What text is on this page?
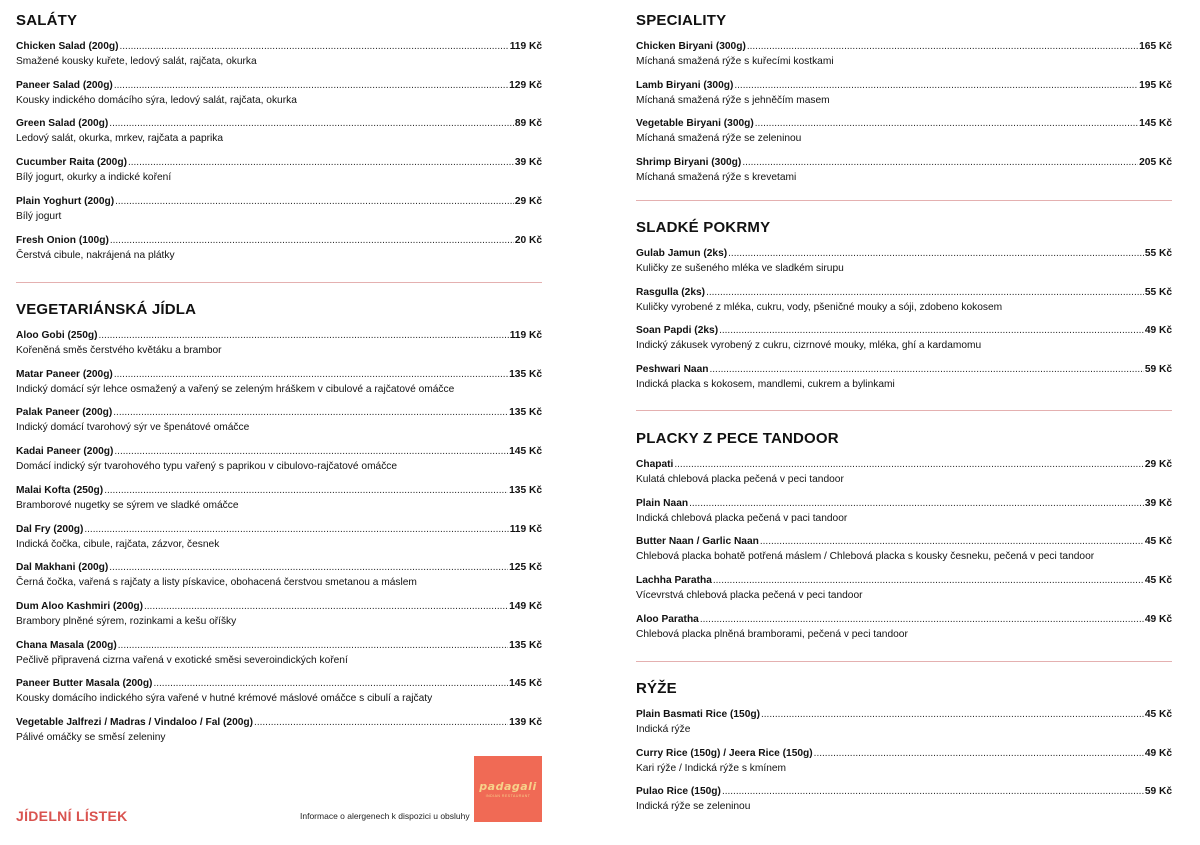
SALÁTY
Chicken Salad (200g) .....	119 Kč
Smažené kousky kuřete, ledový salát, rajčata, okurka
Paneer Salad (200g) .....	129 Kč
Kousky indického domácího sýra, ledový salát, rajčata, okurka
Green Salad (200g) .....	89 Kč
Ledový salát, okurka, mrkev, rajčata a paprika
Cucumber Raita (200g) .....	39 Kč
Bílý jogurt, okurky a indické koření
Plain Yoghurt (200g) .....	29 Kč
Bílý jogurt
Fresh Onion (100g) .....	20 Kč
Čerstvá cibule, nakrájená na plátky
VEGETARIÁNSKÁ JÍDLA
Aloo Gobi (250g) .....	119 Kč
Kořeněná směs čerstvého květáku a brambor
Matar Paneer (200g) .....	135 Kč
Indický domácí sýr lehce osmažený a vařený se zeleným hráškem v cibulové a rajčatové omáčce
Palak Paneer (200g) .....	135 Kč
Indický domácí tvarohový sýr ve špenátové omáčce
Kadai Paneer (200g) .....	145 Kč
Domácí indický sýr tvarohového typu vařený s paprikou v cibulovo-rajčatové omáčce
Malai Kofta (250g) .....	135 Kč
Bramborové nugetky se sýrem ve sladké omáčce
Dal Fry (200g) .....	119 Kč
Indická čočka, cibule, rajčata, zázvor, česnek
Dal Makhani (200g) .....	125 Kč
Černá čočka, vařená s rajčaty a listy pískavice, obohacená čerstvou smetanou a máslem
Dum Aloo Kashmiri (200g) .....	149 Kč
Brambory plněné sýrem, rozinkami a kešu oříšky
Chana Masala (200g) .....	135 Kč
Pečlivě připravená cizrna vařená v exotické směsi severoindických koření
Paneer Butter Masala (200g) .....	145 Kč
Kousky domácího indického sýra vařené v hutné krémové máslové omáčce s cibulí a rajčaty
Vegetable Jalfrezi / Madras / Vindaloo / Fal (200g) .....	139 Kč
Pálivé omáčky se směsí zeleniny
SPECIALITY
Chicken Biryani (300g) .....	165 Kč
Míchaná smažená rýže s kuřecími kostkami
Lamb Biryani (300g) .....	195 Kč
Míchaná smažená rýže s jehněčím masem
Vegetable Biryani (300g) .....	145 Kč
Míchaná smažená rýže se zeleninou
Shrimp Biryani (300g) .....	205 Kč
Míchaná smažená rýže s krevetami
SLADKÉ POKRMY
Gulab Jamun (2ks) .....	55 Kč
Kuličky ze sušeného mléka ve sladkém sirupu
Rasgulla (2ks) .....	55 Kč
Kuličky vyrobené z mléka, cukru, vody, pšeničné mouky a sóji, zdobeno kokosem
Soan Papdi (2ks) .....	49 Kč
Indický zákusek vyrobený z cukru, cizrnové mouky, mléka, ghí a kardamomu
Peshwari Naan .....	59 Kč
Indická placka s kokosem, mandlemi, cukrem a bylinkami
PLACKY Z PECE TANDOOR
Chapati .....	29 Kč
Kulatá chlebová placka pečená v peci tandoor
Plain Naan .....	39 Kč
Indická chlebová placka pečená v paci tandoor
Butter Naan / Garlic Naan .....	45 Kč
Chlebová placka bohatě potřená máslem / Chlebová placka s kousky česneku, pečená v peci tandoor
Lachha Paratha .....	45 Kč
Vícevrstvá chlebová placka pečená v peci tandoor
Aloo Paratha .....	49 Kč
Chlebová placka plněná bramborami, pečená v peci tandoor
RÝŽE
Plain Basmati Rice (150g) .....	45 Kč
Indická rýže
Curry Rice (150g) / Jeera Rice (150g) .....	49 Kč
Kari rýže / Indická rýže s kmínem
Pulao Rice (150g) .....	59 Kč
Indická rýže se zeleninou
JÍDELNÍ LÍSTEK	Informace o alergenech k dispozici u obsluhy
padagali
INDIAN RESTAURANT
